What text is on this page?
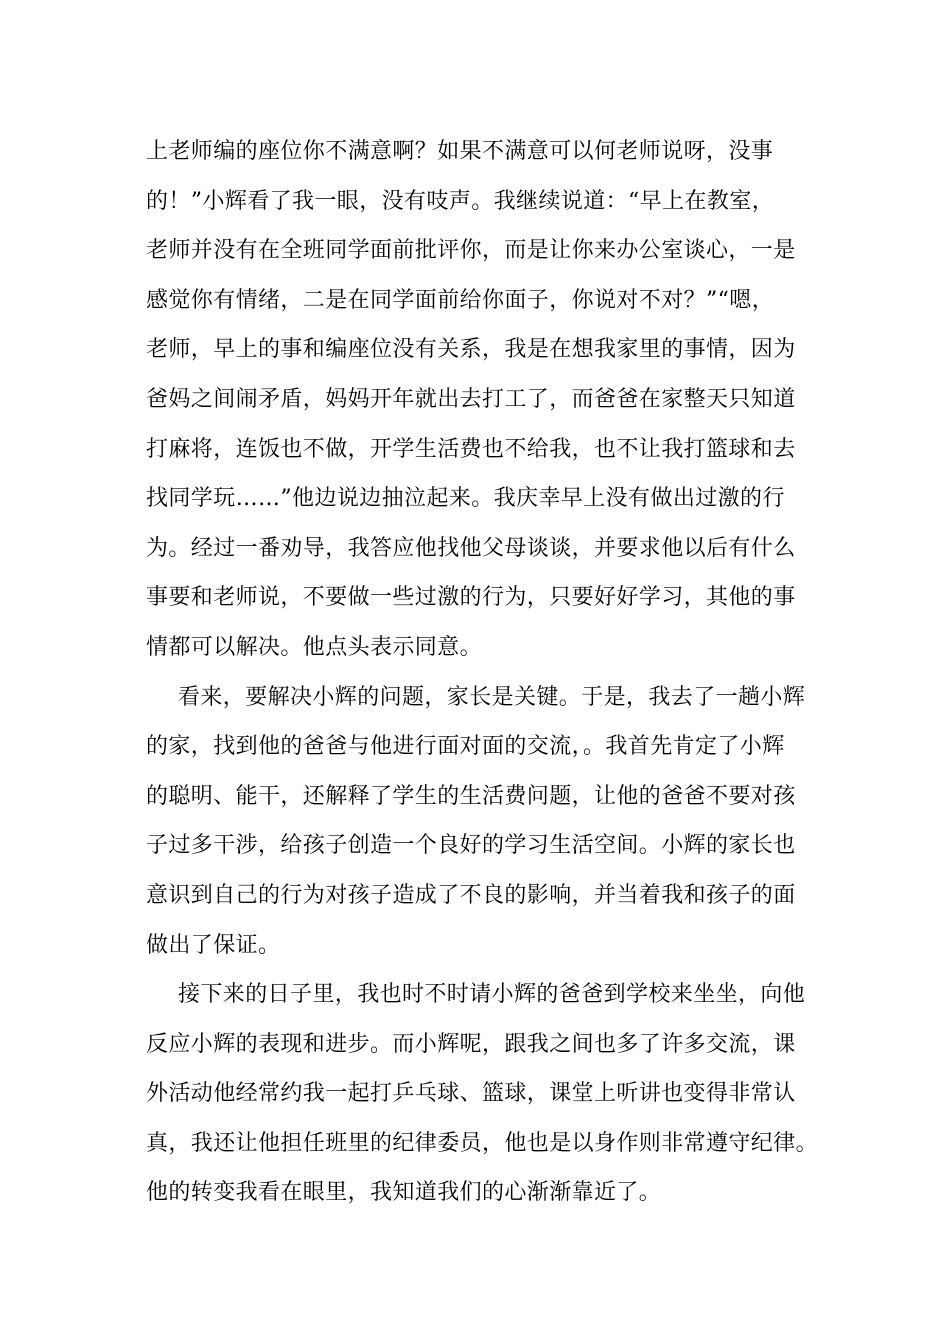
上老师编的座位你不满意啊？如果不满意可以何老师说呀，没事
的！”小辉看了我一眼，没有吱声。我继续说道：“早上在教室，
老师并没有在全班同学面前批评你，而是让你来办公室谈心，一是
感觉你有情绪，二是在同学面前给你面子，你说对不对？”“嗯，
老师，早上的事和编座位没有关系，我是在想我家里的事情，因为
爸妈之间闹矛盾，妈妈开年就出去打工了，而爸爸在家整天只知道
打麻将，连饭也不做，开学生活费也不给我，也不让我打篮球和去
找同学玩……”他边说边抽泣起来。我庆幸早上没有做出过激的行
为。经过一番劝导，我答应他找他父母谈谈，并要求他以后有什么
事要和老师说，不要做一些过激的行为，只要好好学习，其他的事
情都可以解决。他点头表示同意。
看来，要解决小辉的问题，家长是关键。于是，我去了一趟小辉
的家，找到他的爸爸与他进行面对面的交流，。我首先肯定了小辉
的聪明、能干，还解释了学生的生活费问题，让他的爸爸不要对孩
子过多干涉，给孩子创造一个良好的学习生活空间。小辉的家长也
意识到自己的行为对孩子造成了不良的影响，并当着我和孩子的面
做出了保证。
接下来的日子里，我也时不时请小辉的爸爸到学校来坐坐，向他
反应小辉的表现和进步。而小辉呢，跟我之间也多了许多交流，课
外活动他经常约我一起打乒乓球、篮球，课堂上听讲也变得非常认
真，我还让他担任班里的纪律委员，他也是以身作则非常遵守纪律。
他的转变我看在眼里，我知道我们的心渐渐靠近了。
